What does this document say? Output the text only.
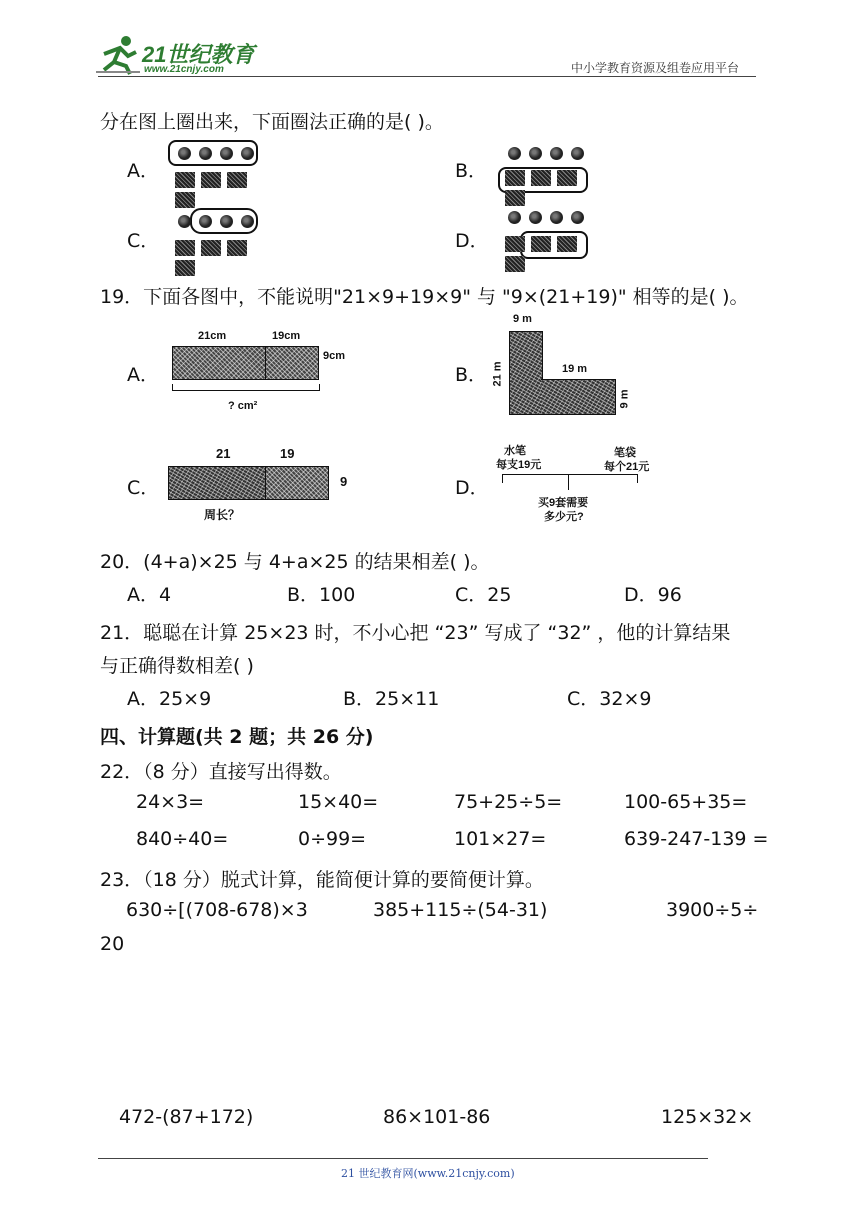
21世纪教育
www.21cnjy.com	中小学教育资源及组卷应用平台
分在图上圈出来，下面圈法正确的是( )。
A．	B．
C．	D．
19．下面各图中，不能说明"21×9+19×9" 与 "9×(21+19)" 相等的是( )。
A．
21cm	19cm
9cm
? cm²
B．
9 m
21 m	19 m
9 m
C．
21	19
9
周长？
D．
水笔
每支19元
笔袋
每个21元
买9套需要
多少元?
20．(4+a)×25 与 4+a×25 的结果相差( )。
A．4	B．100	C．25	D．96
21．聪聪在计算 25×23 时，不小心把 “23” 写成了 “32” ，他的计算结果
与正确得数相差( )
A．25×9	B．25×11	C．32×9
四、计算题(共 2 题；共 26 分)
22．（8 分）直接写出得数。
24×3=	15×40=	75+25÷5=	100-65+35=
840÷40=	0÷99=	101×27=	639-247-139 =
23．（18 分）脱式计算，能简便计算的要简便计算。
630÷[(708-678)×3	385+115÷(54-31)	3900÷5÷
20
472-(87+172)	86×101-86	125×32×
21 世纪教育网(www.21cnjy.com)
